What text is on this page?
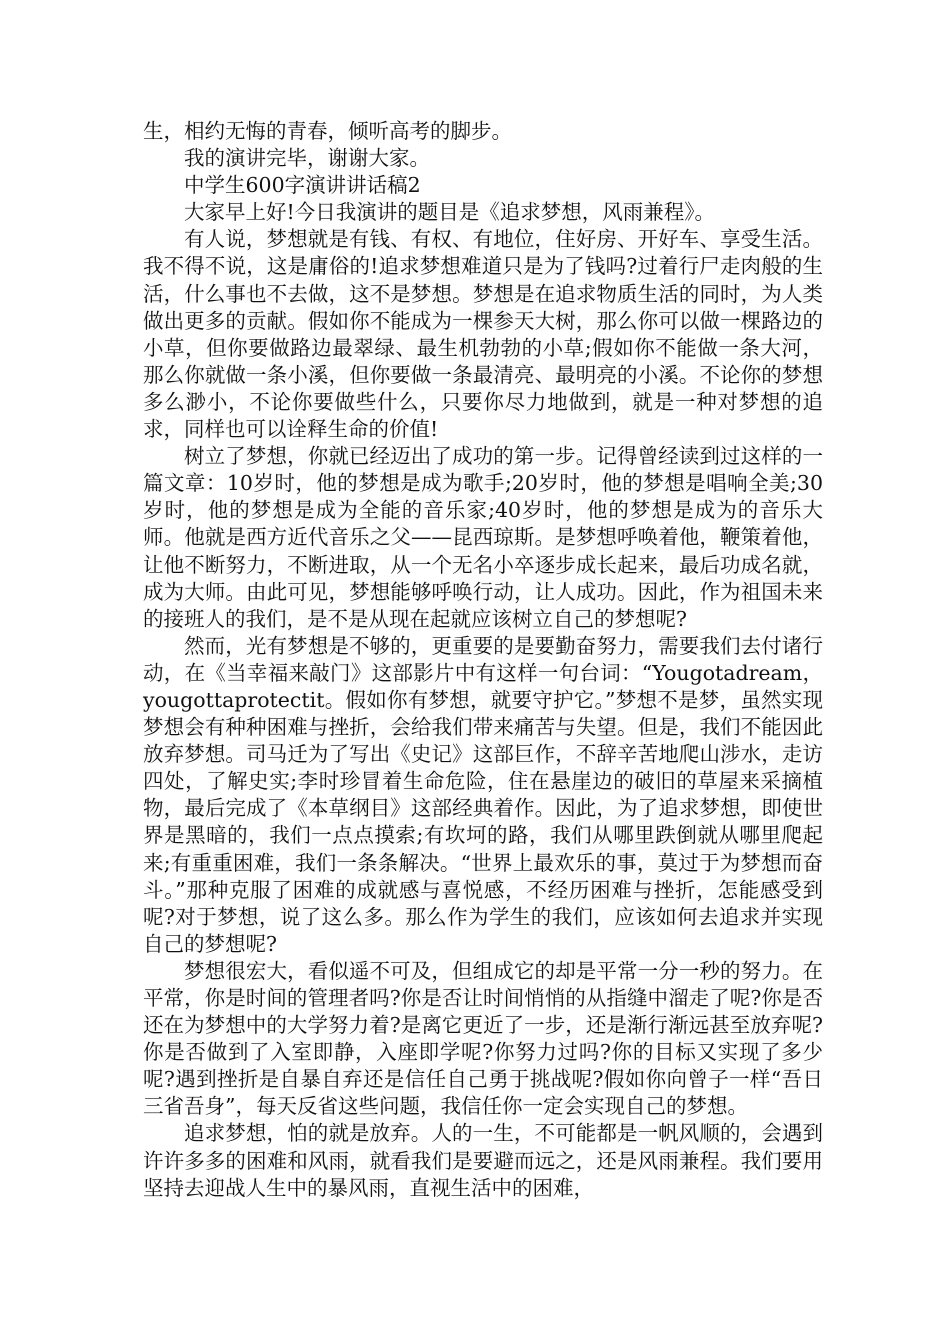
生，相约无悔的青春，倾听高考的脚步。

我的演讲完毕，谢谢大家。

中学生600字演讲讲话稿2

大家早上好!今日我演讲的题目是《追求梦想，风雨兼程》。

有人说，梦想就是有钱、有权、有地位，住好房、开好车、享受生活。我不得不说，这是庸俗的!追求梦想难道只是为了钱吗?过着行尸走肉般的生活，什么事也不去做，这不是梦想。梦想是在追求物质生活的同时，为人类做出更多的贡献。假如你不能成为一棵参天大树，那么你可以做一棵路边的小草，但你要做路边最翠绿、最生机勃勃的小草;假如你不能做一条大河，那么你就做一条小溪，但你要做一条最清亮、最明亮的小溪。不论你的梦想多么渺小，不论你要做些什么，只要你尽力地做到，就是一种对梦想的追求，同样也可以诠释生命的价值!

树立了梦想，你就已经迈出了成功的第一步。记得曾经读到过这样的一篇文章：10岁时，他的梦想是成为歌手;20岁时，他的梦想是唱响全美;30岁时，他的梦想是成为全能的音乐家;40岁时，他的梦想是成为的音乐大师。他就是西方近代音乐之父——昆西琼斯。是梦想呼唤着他，鞭策着他，让他不断努力，不断进取，从一个无名小卒逐步成长起来，最后功成名就，成为大师。由此可见，梦想能够呼唤行动，让人成功。因此，作为祖国未来的接班人的我们，是不是从现在起就应该树立自己的梦想呢?

然而，光有梦想是不够的，更重要的是要勤奋努力，需要我们去付诸行动，在《当幸福来敲门》这部影片中有这样一句台词：“Yougotadream，yougottaprotectit。假如你有梦想，就要守护它。”梦想不是梦，虽然实现梦想会有种种困难与挫折，会给我们带来痛苦与失望。但是，我们不能因此放弃梦想。司马迁为了写出《史记》这部巨作，不辞辛苦地爬山涉水，走访四处，了解史实;李时珍冒着生命危险，住在悬崖边的破旧的草屋来采摘植物，最后完成了《本草纲目》这部经典着作。因此，为了追求梦想，即使世界是黑暗的，我们一点点摸索;有坎坷的路，我们从哪里跌倒就从哪里爬起来;有重重困难，我们一条条解决。“世界上最欢乐的事，莫过于为梦想而奋斗。”那种克服了困难的成就感与喜悦感，不经历困难与挫折，怎能感受到呢?对于梦想，说了这么多。那么作为学生的我们，应该如何去追求并实现自己的梦想呢?

梦想很宏大，看似遥不可及，但组成它的却是平常一分一秒的努力。在平常，你是时间的管理者吗?你是否让时间悄悄的从指缝中溜走了呢?你是否还在为梦想中的大学努力着?是离它更近了一步，还是渐行渐远甚至放弃呢?你是否做到了入室即静，入座即学呢?你努力过吗?你的目标又实现了多少呢?遇到挫折是自暴自弃还是信任自己勇于挑战呢?假如你向曾子一样“吾日三省吾身”，每天反省这些问题，我信任你一定会实现自己的梦想。

追求梦想，怕的就是放弃。人的一生，不可能都是一帆风顺的，会遇到许许多多的困难和风雨，就看我们是要避而远之，还是风雨兼程。我们要用坚持去迎战人生中的暴风雨，直视生活中的困难，
